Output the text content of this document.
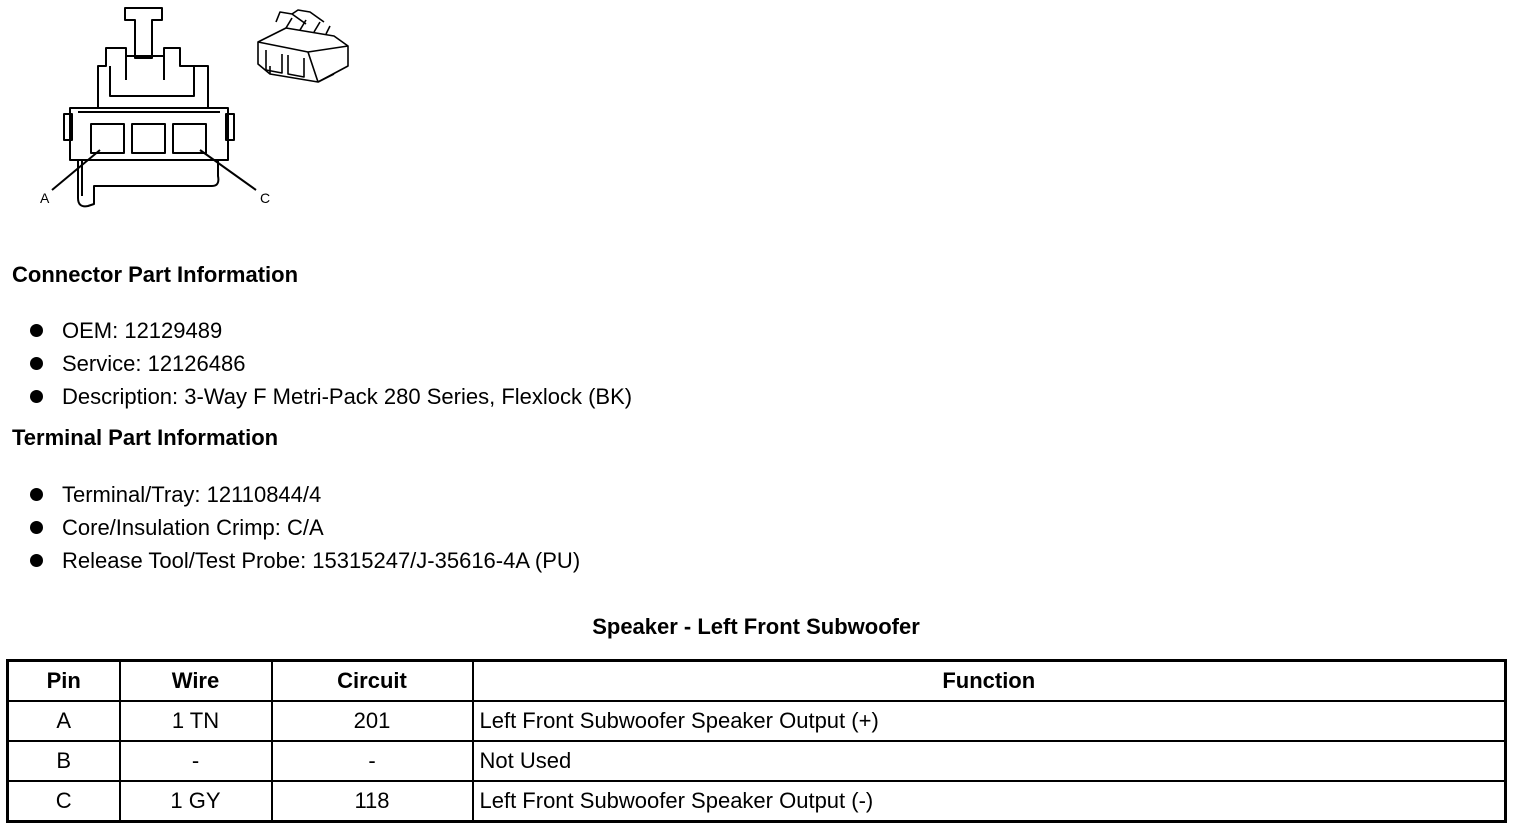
A	C
Connector Part Information
OEM: 12129489
Service: 12126486
Description: 3-Way F Metri-Pack 280 Series, Flexlock (BK)
Terminal Part Information
Terminal/Tray: 12110844/4
Core/Insulation Crimp: C/A
Release Tool/Test Probe: 15315247/J-35616-4A (PU)
Speaker - Left Front Subwoofer
Pin	Wire	Circuit	Function
A	1 TN	201	Left Front Subwoofer Speaker Output (+)
B	-	-	Not Used
C	1 GY	118	Left Front Subwoofer Speaker Output (-)
